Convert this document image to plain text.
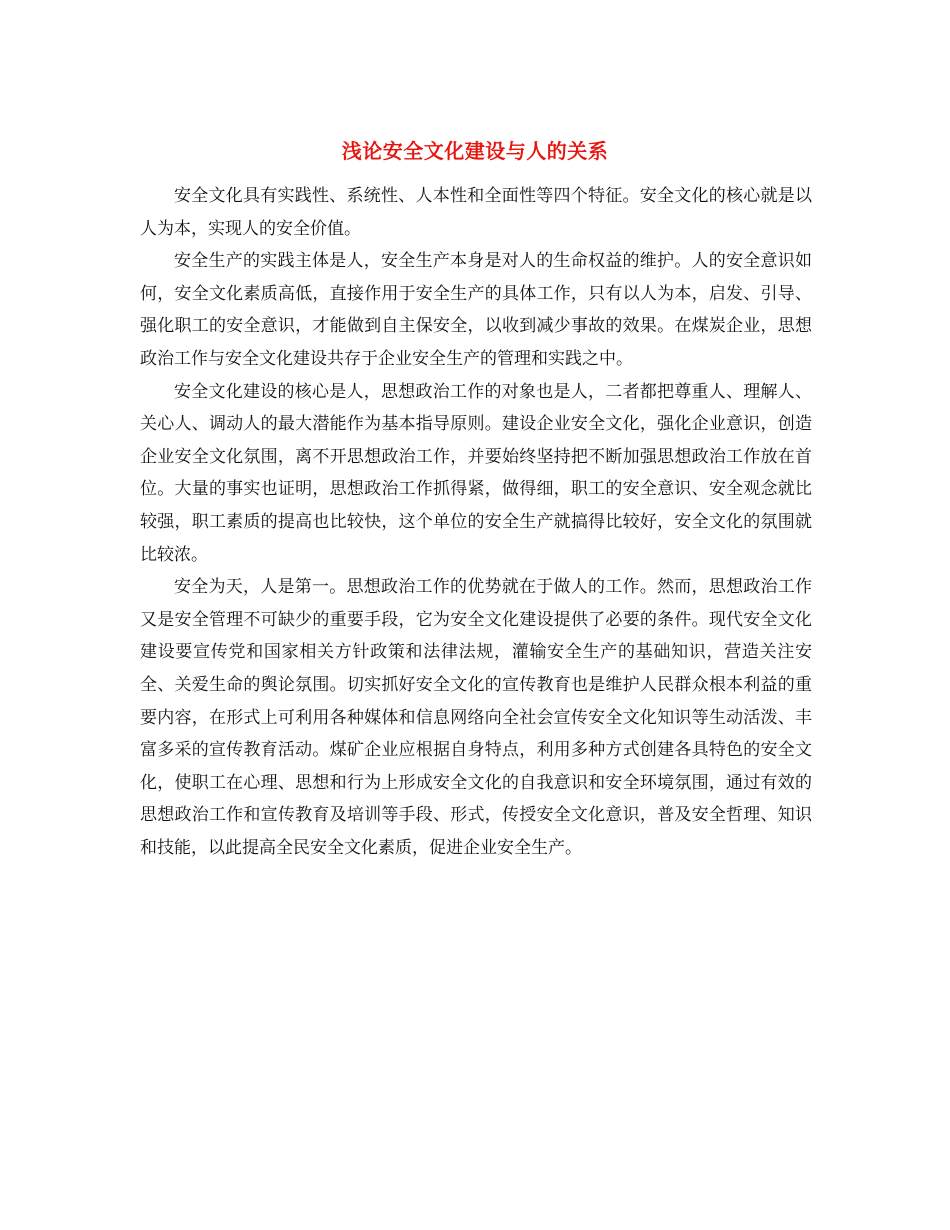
浅论安全文化建设与人的关系

安全文化具有实践性、系统性、人本性和全面性等四个特征。安全文化的核心就是以人为本，实现人的安全价值。

安全生产的实践主体是人，安全生产本身是对人的生命权益的维护。人的安全意识如何，安全文化素质高低，直接作用于安全生产的具体工作，只有以人为本，启发、引导、强化职工的安全意识，才能做到自主保安全，以收到减少事故的效果。在煤炭企业，思想政治工作与安全文化建设共存于企业安全生产的管理和实践之中。

安全文化建设的核心是人，思想政治工作的对象也是人，二者都把尊重人、理解人、关心人、调动人的最大潜能作为基本指导原则。建设企业安全文化，强化企业意识，创造企业安全文化氛围，离不开思想政治工作，并要始终坚持把不断加强思想政治工作放在首位。大量的事实也证明，思想政治工作抓得紧，做得细，职工的安全意识、安全观念就比较强，职工素质的提高也比较快，这个单位的安全生产就搞得比较好，安全文化的氛围就比较浓。

安全为天，人是第一。思想政治工作的优势就在于做人的工作。然而，思想政治工作又是安全管理不可缺少的重要手段，它为安全文化建设提供了必要的条件。现代安全文化建设要宣传党和国家相关方针政策和法律法规，灌输安全生产的基础知识，营造关注安全、关爱生命的舆论氛围。切实抓好安全文化的宣传教育也是维护人民群众根本利益的重要内容，在形式上可利用各种媒体和信息网络向全社会宣传安全文化知识等生动活泼、丰富多采的宣传教育活动。煤矿企业应根据自身特点，利用多种方式创建各具特色的安全文化，使职工在心理、思想和行为上形成安全文化的自我意识和安全环境氛围，通过有效的思想政治工作和宣传教育及培训等手段、形式，传授安全文化意识，普及安全哲理、知识和技能，以此提高全民安全文化素质，促进企业安全生产。
